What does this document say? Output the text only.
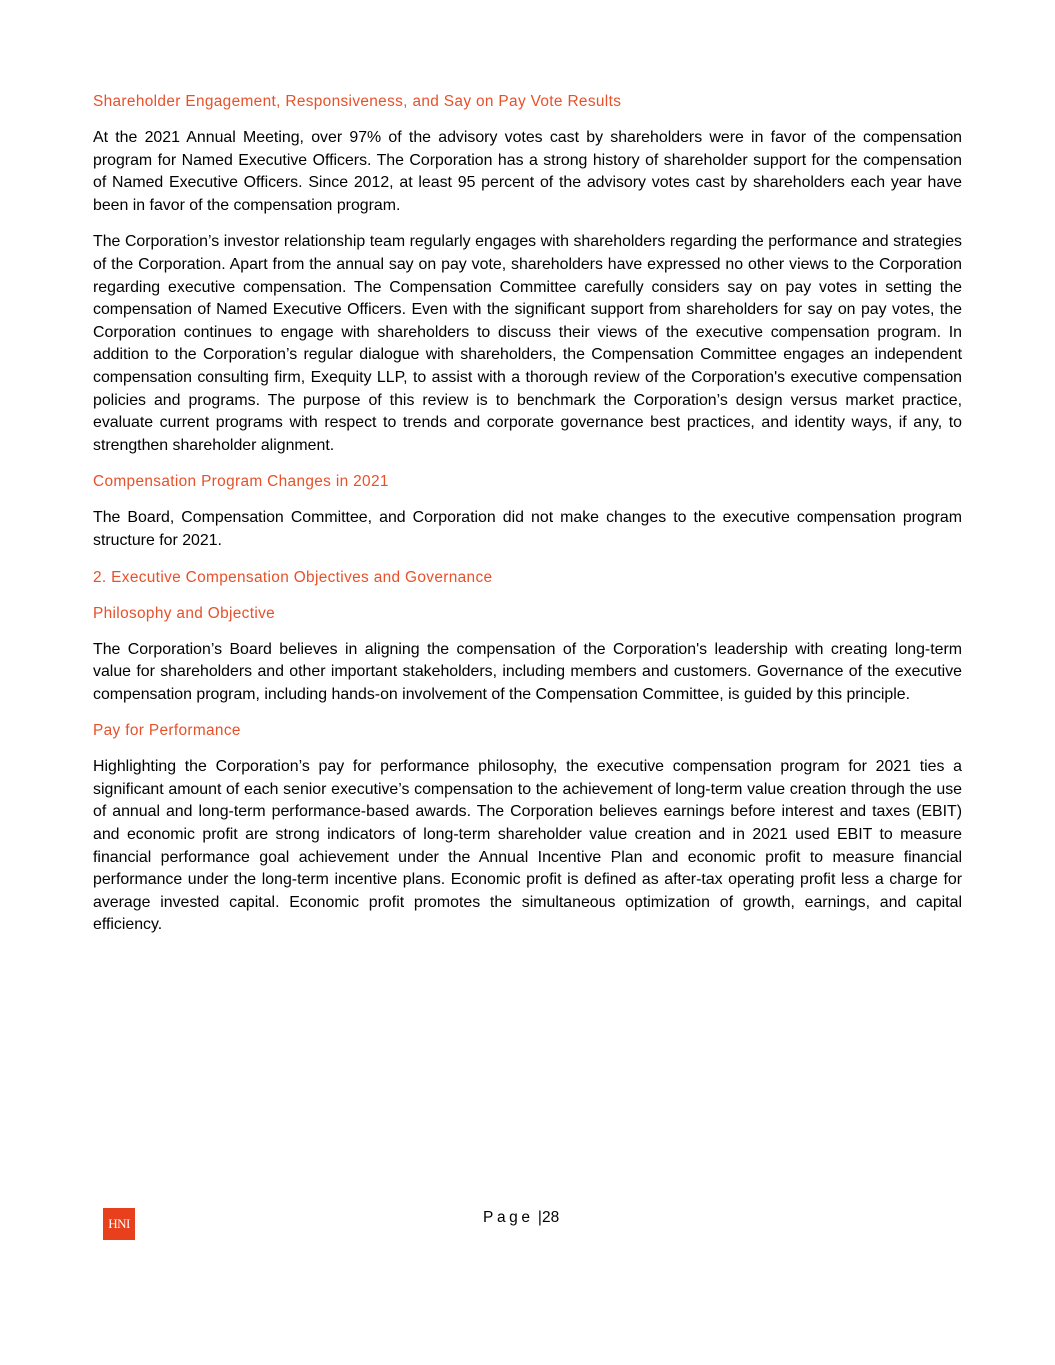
Shareholder Engagement, Responsiveness, and Say on Pay Vote Results

At the 2021 Annual Meeting, over 97% of the advisory votes cast by shareholders were in favor of the compensation program for Named Executive Officers. The Corporation has a strong history of shareholder support for the compensation of Named Executive Officers. Since 2012, at least 95 percent of the advisory votes cast by shareholders each year have been in favor of the compensation program.

The Corporation’s investor relationship team regularly engages with shareholders regarding the performance and strategies of the Corporation. Apart from the annual say on pay vote, shareholders have expressed no other views to the Corporation regarding executive compensation. The Compensation Committee carefully considers say on pay votes in setting the compensation of Named Executive Officers. Even with the significant support from shareholders for say on pay votes, the Corporation continues to engage with shareholders to discuss their views of the executive compensation program. In addition to the Corporation’s regular dialogue with shareholders, the Compensation Committee engages an independent compensation consulting firm, Exequity LLP, to assist with a thorough review of the Corporation's executive compensation policies and programs. The purpose of this review is to benchmark the Corporation’s design versus market practice, evaluate current programs with respect to trends and corporate governance best practices, and identity ways, if any, to strengthen shareholder alignment.

Compensation Program Changes in 2021

The Board, Compensation Committee, and Corporation did not make changes to the executive compensation program structure for 2021.

2. Executive Compensation Objectives and Governance
Philosophy and Objective

The Corporation’s Board believes in aligning the compensation of the Corporation's leadership with creating long-term value for shareholders and other important stakeholders, including members and customers. Governance of the executive compensation program, including hands-on involvement of the Compensation Committee, is guided by this principle.

Pay for Performance

Highlighting the Corporation’s pay for performance philosophy, the executive compensation program for 2021 ties a significant amount of each senior executive’s compensation to the achievement of long-term value creation through the use of annual and long-term performance-based awards. The Corporation believes earnings before interest and taxes (EBIT) and economic profit are strong indicators of long-term shareholder value creation and in 2021 used EBIT to measure financial performance goal achievement under the Annual Incentive Plan and economic profit to measure financial performance under the long-term incentive plans. Economic profit is defined as after-tax operating profit less a charge for average invested capital. Economic profit promotes the simultaneous optimization of growth, earnings, and capital efficiency.

HNI	Page |28
